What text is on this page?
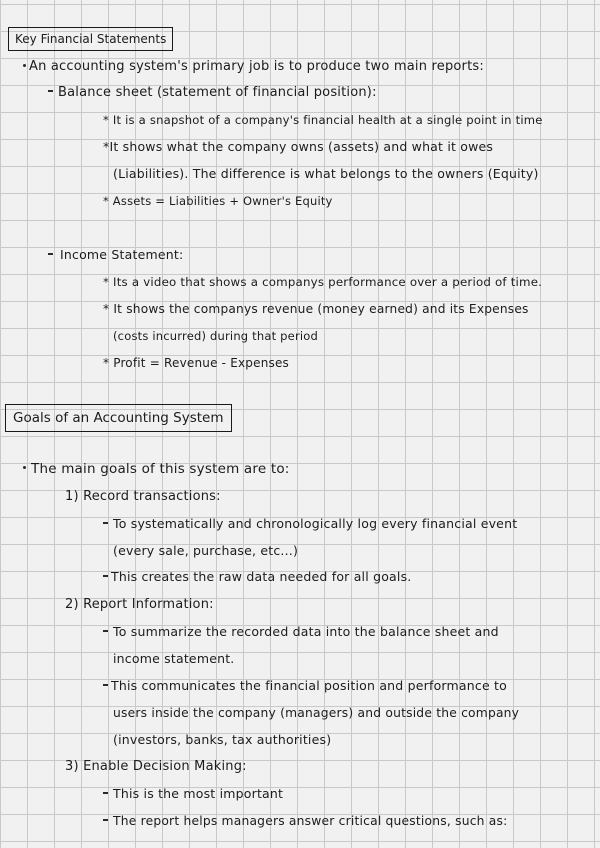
Key Financial Statements
An accounting system's primary job is to produce two main reports:
Balance sheet (statement of financial position):
* It is a snapshot of a company's financial health at a single point in time
*It shows what the company owns (assets) and what it owes
(Liabilities). The difference is what belongs to the owners (Equity)
* Assets = Liabilities + Owner's Equity
Income Statement:
* Its a video that shows a companys performance over a period of time.
* It shows the companys revenue (money earned) and its Expenses
(costs incurred) during that period
* Profit = Revenue - Expenses
Goals of an Accounting System
The main goals of this system are to:
1) Record transactions:
To systematically and chronologically log every financial event
(every sale, purchase, etc...)
This creates the raw data needed for all goals.
2) Report Information:
To summarize the recorded data into the balance sheet and
income statement.
This communicates the financial position and performance to
users inside the company (managers) and outside the company
(investors, banks, tax authorities)
3) Enable Decision Making:
This is the most important
The report helps managers answer critical questions, such as:
